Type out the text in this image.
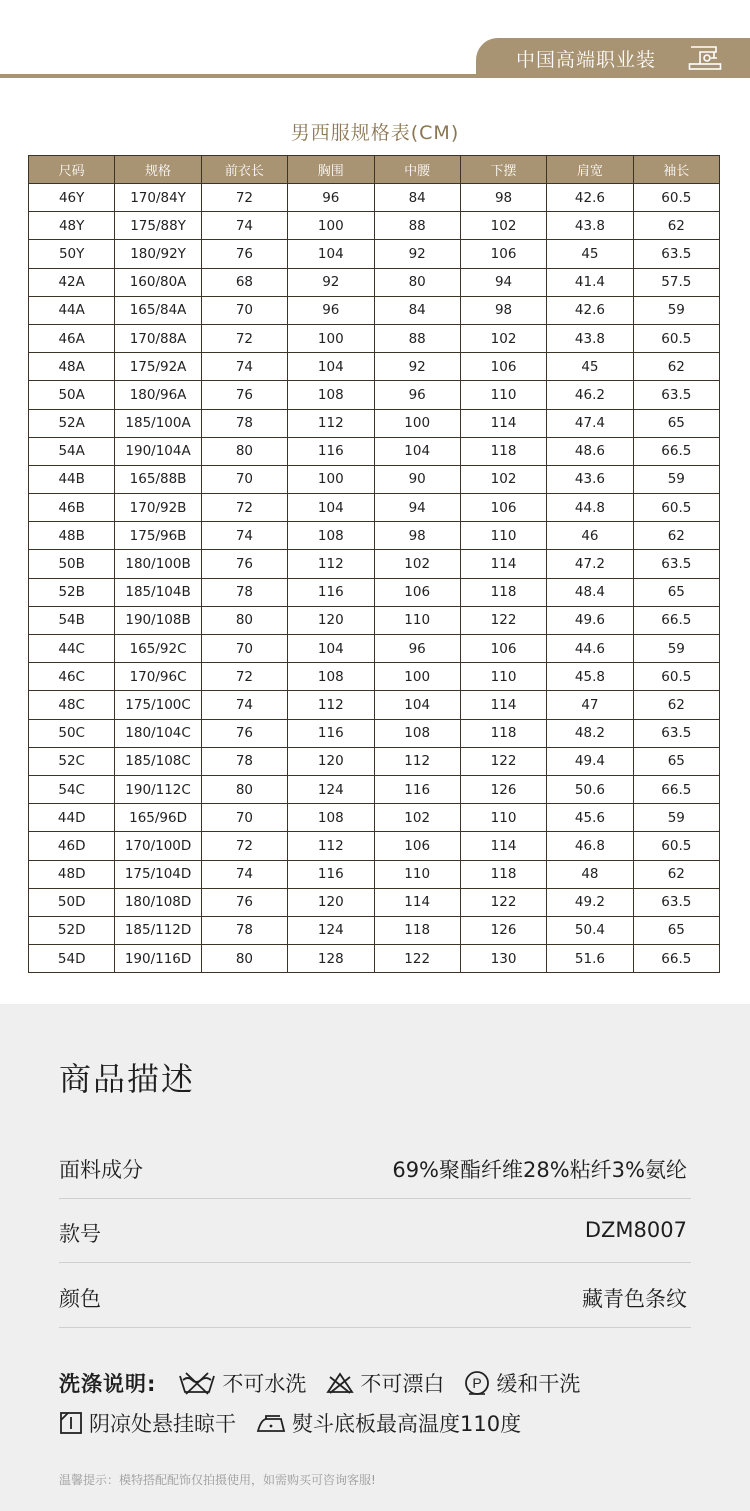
中国高端职业装
男西服规格表(CM)
尺码	规格	前衣长	胸围	中腰	下摆	肩宽	袖长
46Y	170/84Y	72	96	84	98	42.6	60.5
48Y	175/88Y	74	100	88	102	43.8	62
50Y	180/92Y	76	104	92	106	45	63.5
42A	160/80A	68	92	80	94	41.4	57.5
44A	165/84A	70	96	84	98	42.6	59
46A	170/88A	72	100	88	102	43.8	60.5
48A	175/92A	74	104	92	106	45	62
50A	180/96A	76	108	96	110	46.2	63.5
52A	185/100A	78	112	100	114	47.4	65
54A	190/104A	80	116	104	118	48.6	66.5
44B	165/88B	70	100	90	102	43.6	59
46B	170/92B	72	104	94	106	44.8	60.5
48B	175/96B	74	108	98	110	46	62
50B	180/100B	76	112	102	114	47.2	63.5
52B	185/104B	78	116	106	118	48.4	65
54B	190/108B	80	120	110	122	49.6	66.5
44C	165/92C	70	104	96	106	44.6	59
46C	170/96C	72	108	100	110	45.8	60.5
48C	175/100C	74	112	104	114	47	62
50C	180/104C	76	116	108	118	48.2	63.5
52C	185/108C	78	120	112	122	49.4	65
54C	190/112C	80	124	116	126	50.6	66.5
44D	165/96D	70	108	102	110	45.6	59
46D	170/100D	72	112	106	114	46.8	60.5
48D	175/104D	74	116	110	118	48	62
50D	180/108D	76	120	114	122	49.2	63.5
52D	185/112D	78	124	118	126	50.4	65
54D	190/116D	80	128	122	130	51.6	66.5
商品描述
面料成分	69%聚酯纤维28%粘纤3%氨纶
款号	DZM8007
颜色	藏青色条纹
洗涤说明:	不可水洗	不可漂白 P 缓和干洗
阴凉处悬挂晾干	熨斗底板最高温度110度
温馨提示：模特搭配配饰仅拍摄使用，如需购买可咨询客服!
